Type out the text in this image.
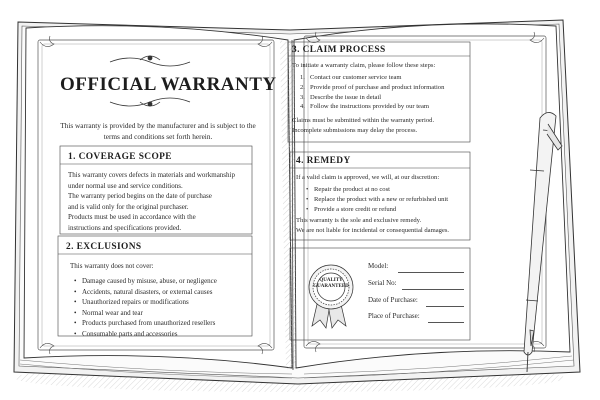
OFFICIAL WARRANTY
This warranty is provided by the manufacturer and is subject to the terms and conditions set forth herein.
1. COVERAGE SCOPE
This warranty covers defects in materials and workmanship
under normal use and service conditions.
The warranty period begins on the date of purchase
and is valid only for the original purchaser.
Products must be used in accordance with the
instructions and specifications provided.
2. EXCLUSIONS
This warranty does not cover:
• Damage caused by misuse, abuse, or negligence
• Accidents, natural disasters, or external causes
• Unauthorized repairs or modifications
• Normal wear and tear
• Products purchased from unauthorized resellers
• Consumable parts and accessories
3. CLAIM PROCESS
To initiate a warranty claim, please follow these steps:
Contact our customer service team
Provide proof of purchase and product information
Describe the issue in detail
Follow the instructions provided by our team
Claims must be submitted within the warranty period.
Incomplete submissions may delay the process.
4. REMEDY
If a valid claim is approved, we will, at our discretion:
• Repair the product at no cost
• Replace the product with a new or refurbished unit
• Provide a store credit or refund
This warranty is the sole and exclusive remedy.
We are not liable for incidental or consequential damages.
QUALITY
GUARANTEED
Model:
Serial No:
Date of Purchase:
Place of Purchase:
